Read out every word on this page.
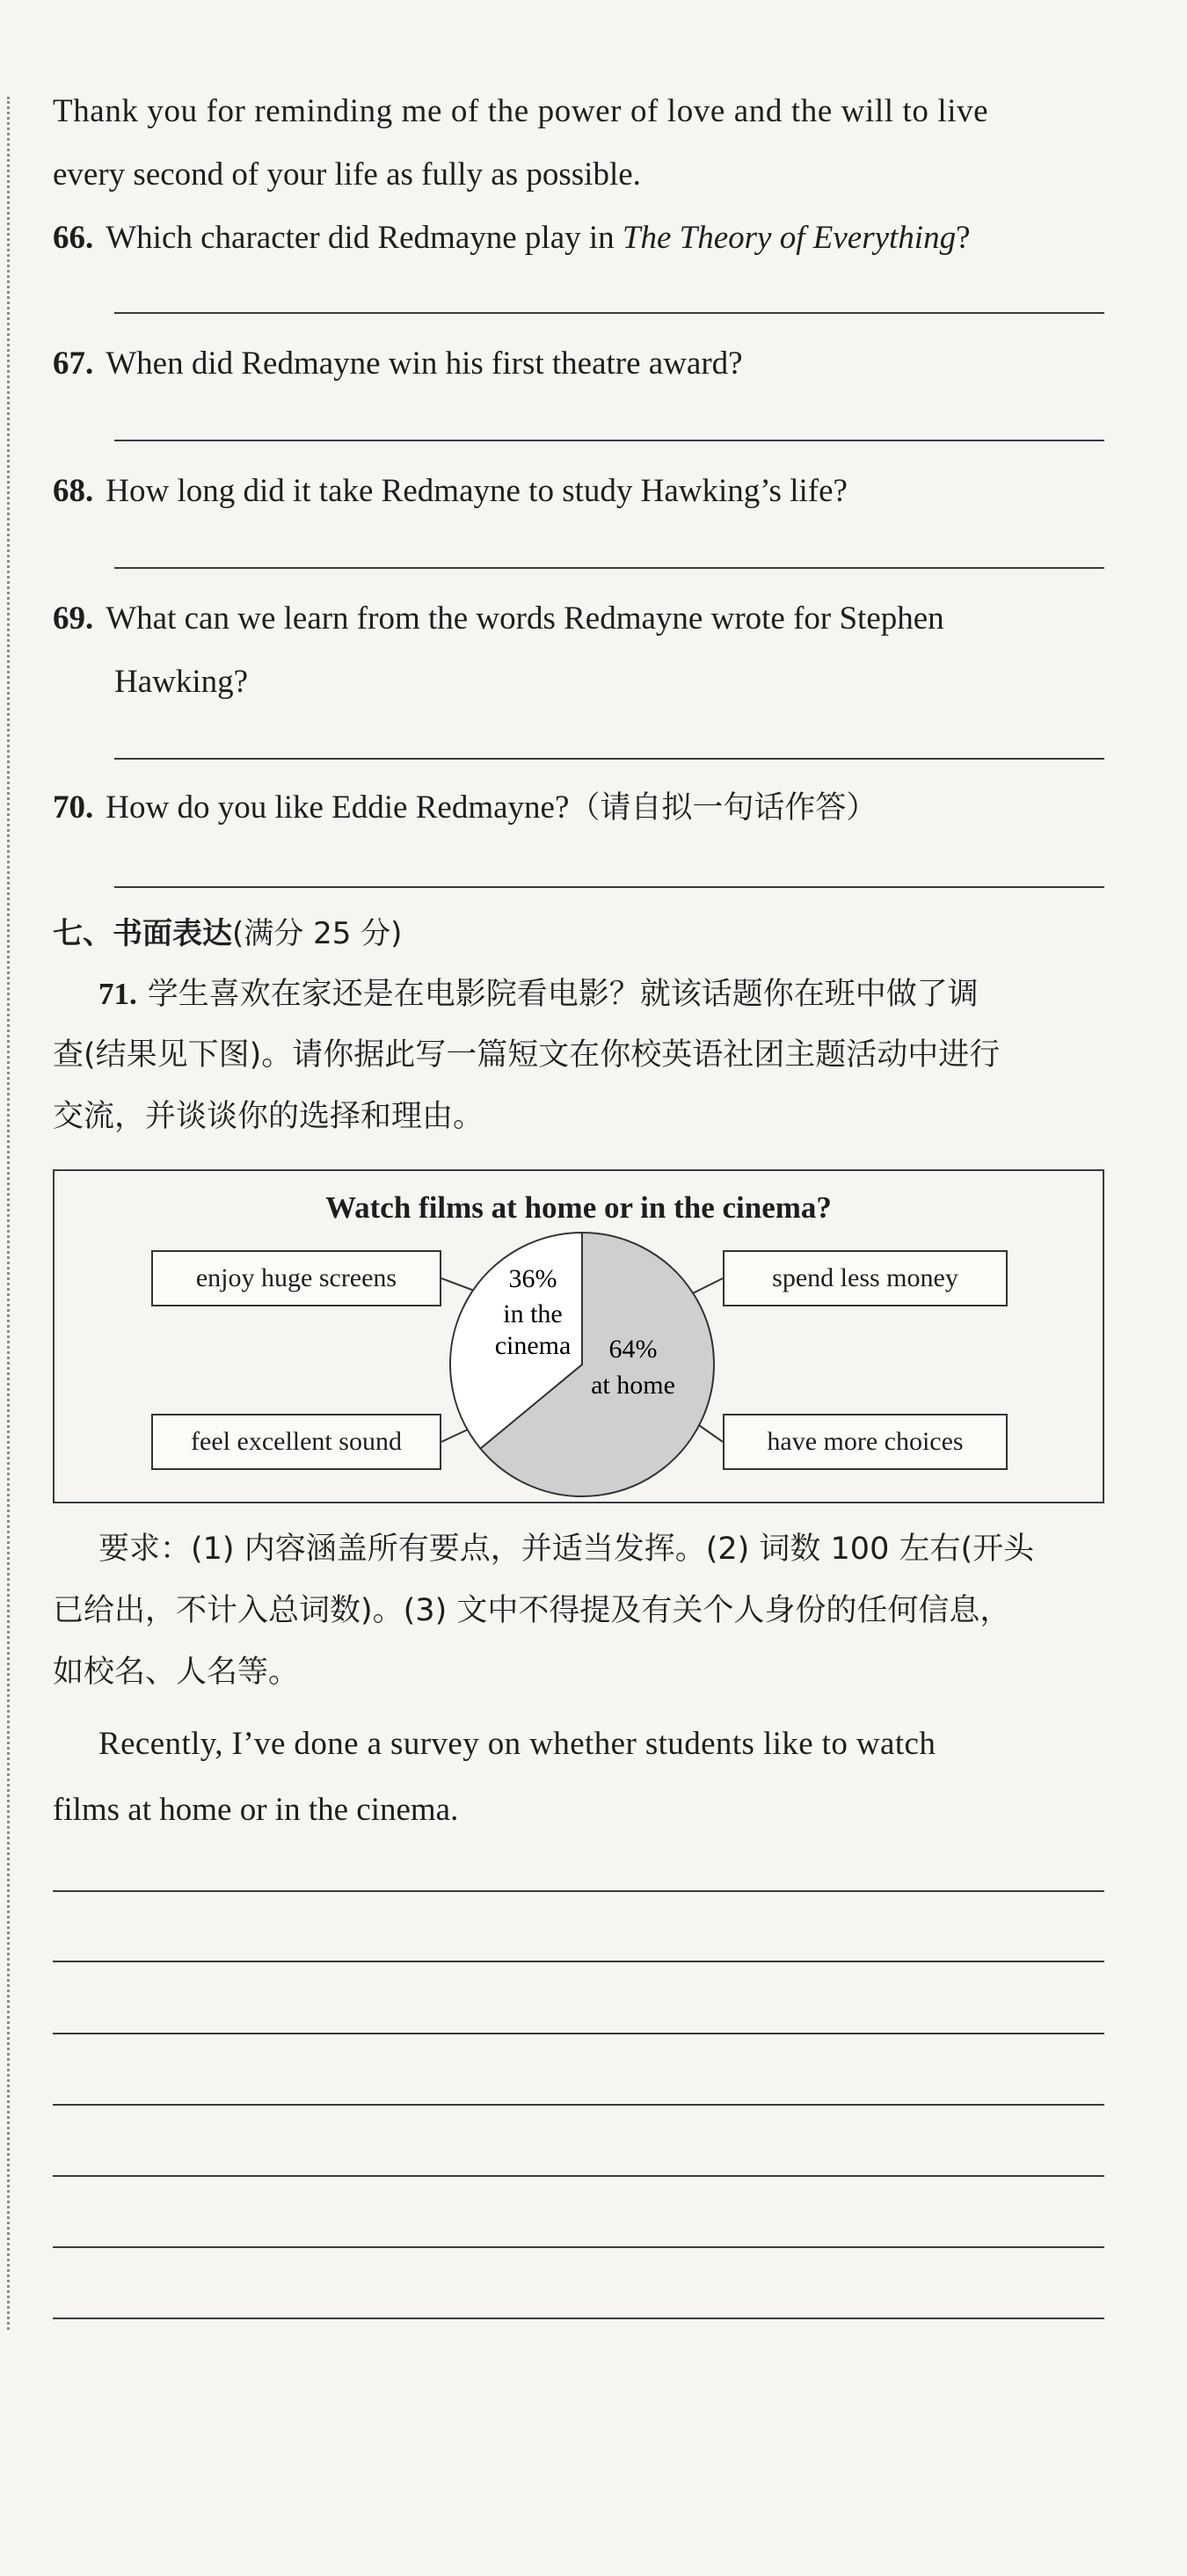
Thank you for reminding me of the power of love and the will to live
every second of your life as fully as possible.
66. Which character did Redmayne play in The Theory of Everything?
67. When did Redmayne win his first theatre award?
68. How long did it take Redmayne to study Hawking’s life?
69. What can we learn from the words Redmayne wrote for Stephen
Hawking?
70. How do you like Eddie Redmayne?（请自拟一句话作答）
七、书面表达(满分 25 分)
71. 学生喜欢在家还是在电影院看电影？就该话题你在班中做了调
查(结果见下图)。请你据此写一篇短文在你校英语社团主题活动中进行
交流，并谈谈你的选择和理由。
Watch films at home or in the cinema?
enjoy huge screens
feel excellent sound
spend less money
have more choices
36%
in the
cinema 64%
at home
要求：(1) 内容涵盖所有要点，并适当发挥。(2) 词数 100 左右(开头
已给出，不计入总词数)。(3) 文中不得提及有关个人身份的任何信息，
如校名、人名等。
Recently, I’ve done a survey on whether students like to watch
films at home or in the cinema.
